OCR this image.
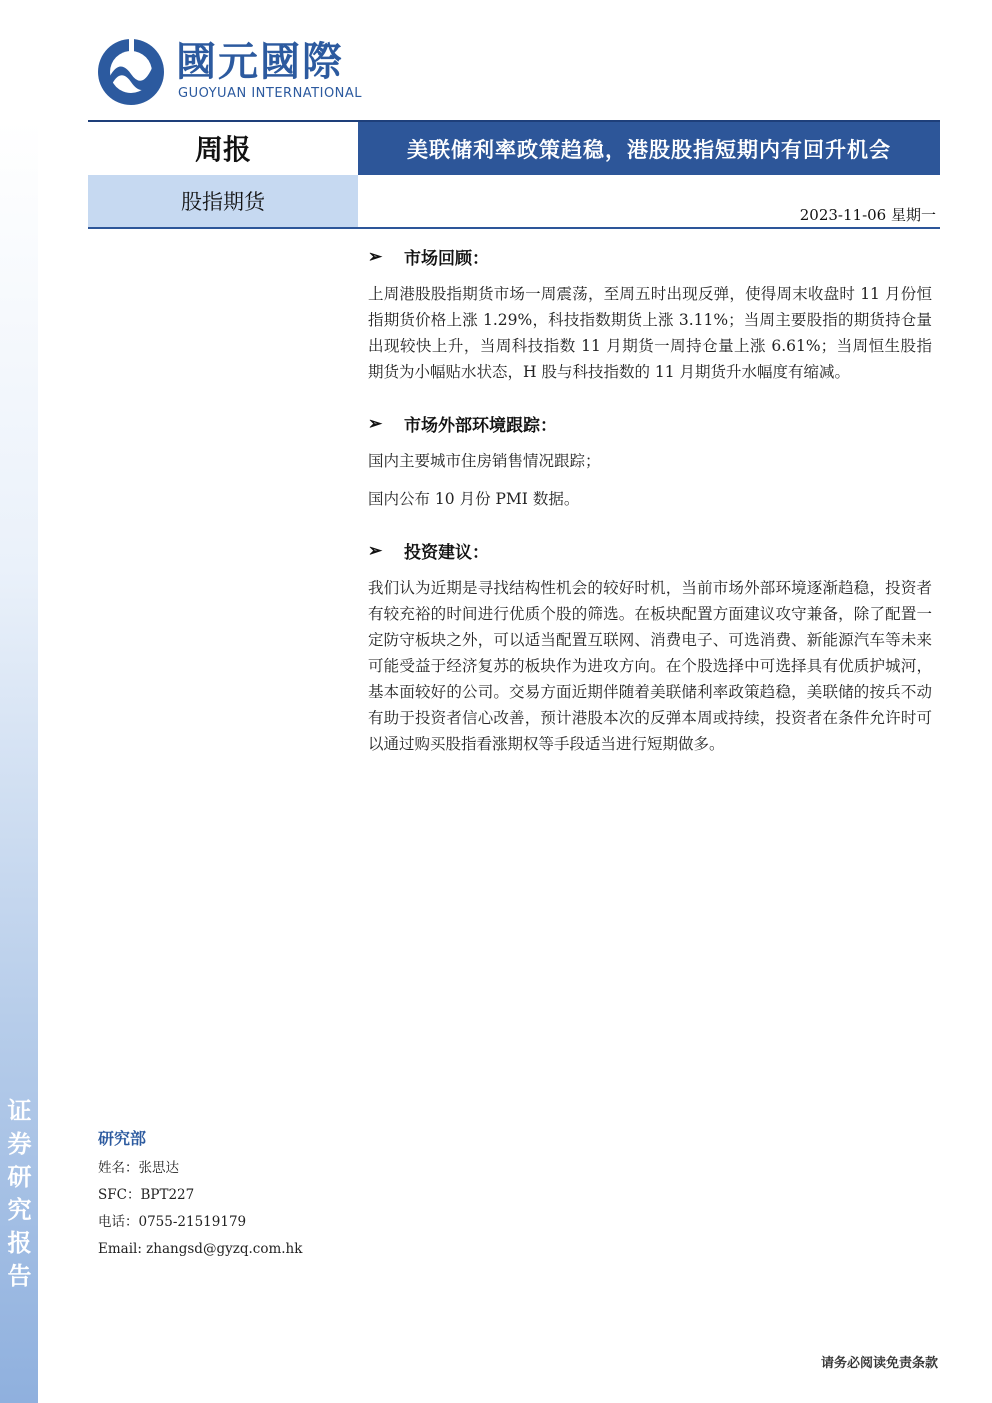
证券研究报告
國元國際
GUOYUAN INTERNATIONAL
周报	美联储利率政策趋稳，港股股指短期内有回升机会
股指期货
2023-11-06 星期一
➢	市场回顾：

上周港股股指期货市场一周震荡，至周五时出现反弹，使得周末收盘时 11 月份恒指期货价格上涨 1.29%，科技指数期货上涨 3.11%；当周主要股指的期货持仓量出现较快上升，当周科技指数 11 月期货一周持仓量上涨 6.61%；当周恒生股指期货为小幅贴水状态，H 股与科技指数的 11 月期货升水幅度有缩减。

➢	市场外部环境跟踪：

国内主要城市住房销售情况跟踪；

国内公布 10 月份 PMI 数据。

➢	投资建议：

我们认为近期是寻找结构性机会的较好时机，当前市场外部环境逐渐趋稳，投资者有较充裕的时间进行优质个股的筛选。在板块配置方面建议攻守兼备，除了配置一定防守板块之外，可以适当配置互联网、消费电子、可选消费、新能源汽车等未来可能受益于经济复苏的板块作为进攻方向。在个股选择中可选择具有优质护城河，基本面较好的公司。交易方面近期伴随着美联储利率政策趋稳，美联储的按兵不动有助于投资者信心改善，预计港股本次的反弹本周或持续，投资者在条件允许时可以通过购买股指看涨期权等手段适当进行短期做多。

研究部
姓名：张思达
SFC：BPT227
电话：0755-21519179
Email: zhangsd@gyzq.com.hk
请务必阅读免责条款
